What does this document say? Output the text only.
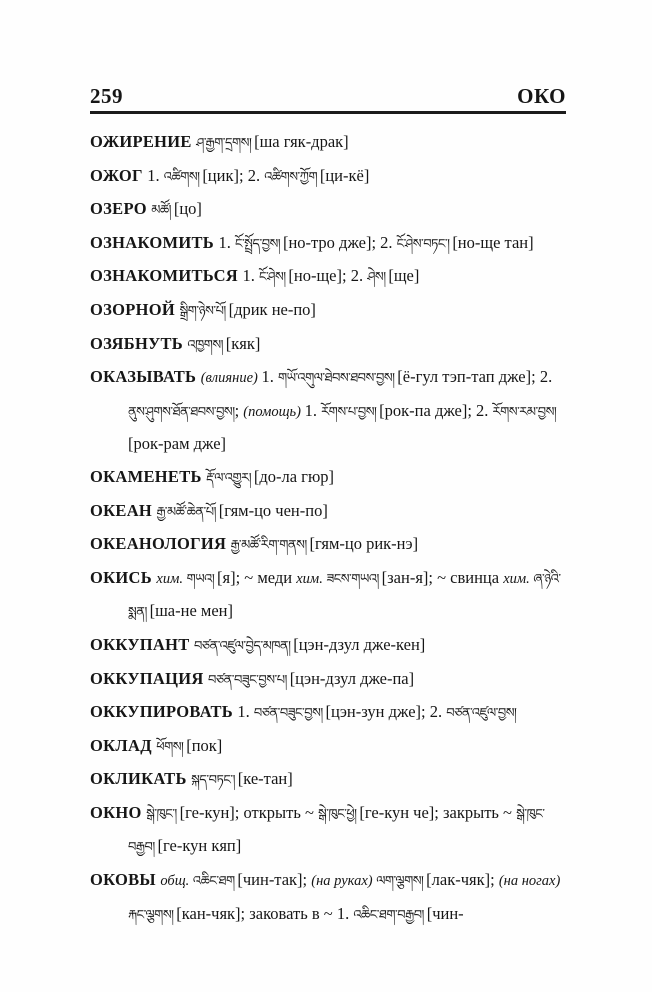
259	ОКО

ОЖИРЕНИЕ ཤ་རྒྱག་དྲགས། [ша гяк-драк]

ОЖОГ 1. འཚིགས། [цик]; 2. འཚིགས་ཀྱོག [ци-кё]

ОЗЕРО མཚོ། [цо]

ОЗНАКОМИТЬ 1. ངོ་སྤྲོད་བྱས། [но-тро дже]; 2. ངོ་ཤེས་བཏང་། [но-ще тан]

ОЗНАКОМИТЬСЯ 1. ངོ་ཤེས། [но-ще]; 2. ཤེས། [ще]

ОЗОРНОЙ སྒྲིག་ཉེས་པོ། [дрик не-по]

ОЗЯБНУТЬ འཁྱགས། [кяк]

ОКАЗЫВАТЬ (влияние) 1. གཡོ་འགུལ་ཐེབས་ཐབས་བྱས། [ё-гул тэп-тап дже]; 2. ནུས་ཤུགས་ཐོན་ཐབས་བྱས།; (помощь) 1. རོགས་པ་བྱས། [рок-па дже]; 2. རོགས་རམ་བྱས། [рок-рам дже]

ОКАМЕНЕТЬ རྡོ་ལ་འགྱུར། [до-ла гюр]

ОКЕАН རྒྱ་མཚོ་ཆེན་པོ། [гям-цо чен-по]

ОКЕАНОЛОГИЯ རྒྱ་མཚོ་རིག་གནས། [гям-цо рик-нэ]

ОКИСЬ хим. གཡའ། [я]; ~ меди хим. ཟངས་གཡའ། [зан-я]; ~ свинца хим. ཞ་ཉེའི་སྨན། [ша-не мен]

ОККУПАНТ བཙན་འཛུལ་བྱེད་མཁན། [цэн-дзул дже-кен]

ОККУПАЦИЯ བཙན་བཟུང་བྱས་པ། [цэн-дзул дже-па]

ОККУПИРОВАТЬ 1. བཙན་བཟུང་བྱས། [цэн-зун дже]; 2. བཙན་འཛུལ་བྱས།

ОКЛАД ཕོགས། [пок]

ОКЛИКАТЬ སྐད་བཏང་། [ке-тан]

ОКНО སྒེ་ཁུང་། [ге-кун]; открыть ~ སྒེ་ཁུང་ཕྱེ། [ге-кун че]; закрыть ~ སྒེ་ཁུང་བརྒྱབ། [ге-кун кяп]

ОКОВЫ общ. འཆིང་ཐག [чин-так]; (на руках) ལག་ལྕགས། [лак-чяк]; (на ногах) རྐང་ལྕགས། [кан-чяк]; заковать в ~ 1. འཆིང་ཐག་བརྒྱབ། [чин-
